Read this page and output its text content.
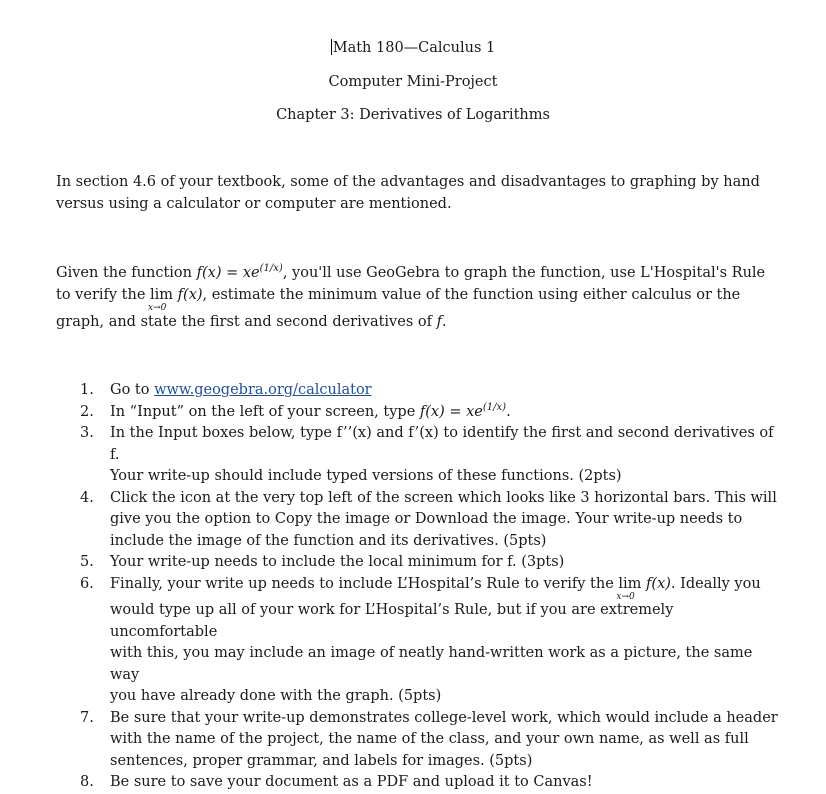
Math 180—Calculus 1
Computer Mini-Project
Chapter 3: Derivatives of Logarithms
In section 4.6 of your textbook, some of the advantages and disadvantages to graphing by hand versus using a calculator or computer are mentioned.
Given the function $f(x) = xe^{(1/x)}$, you'll use GeoGebra to graph the function, use L'Hospital's Rule
to verify the lim
x→0
f(x), estimate the minimum value of the function using either calculus or the
graph, and state the first and second derivatives of f.
1. Go to www.geogebra.org/calculator
2. In “Input” on the left of your screen, type $f(x) = xe^{(1/x)}$.
3. In the Input boxes below, type f’’(x) and f’(x) to identify the first and second derivatives of f.
Your write-up should include typed versions of these functions. (2pts)
4. Click the icon at the very top left of the screen which looks like 3 horizontal bars. This will
give you the option to Copy the image or Download the image. Your write-up needs to
include the image of the function and its derivatives. (5pts)
5. Your write-up needs to include the local minimum for f. (3pts)
6. Finally, your write up needs to include L’Hospital’s Rule to verify the lim
x→0
f(x). Ideally you
would type up all of your work for L’Hospital’s Rule, but if you are extremely uncomfortable
with this, you may include an image of neatly hand-written work as a picture, the same way
you have already done with the graph. (5pts)
7. Be sure that your write-up demonstrates college-level work, which would include a header
with the name of the project, the name of the class, and your own name, as well as full
sentences, proper grammar, and labels for images. (5pts)
8. Be sure to save your document as a PDF and upload it to Canvas!
